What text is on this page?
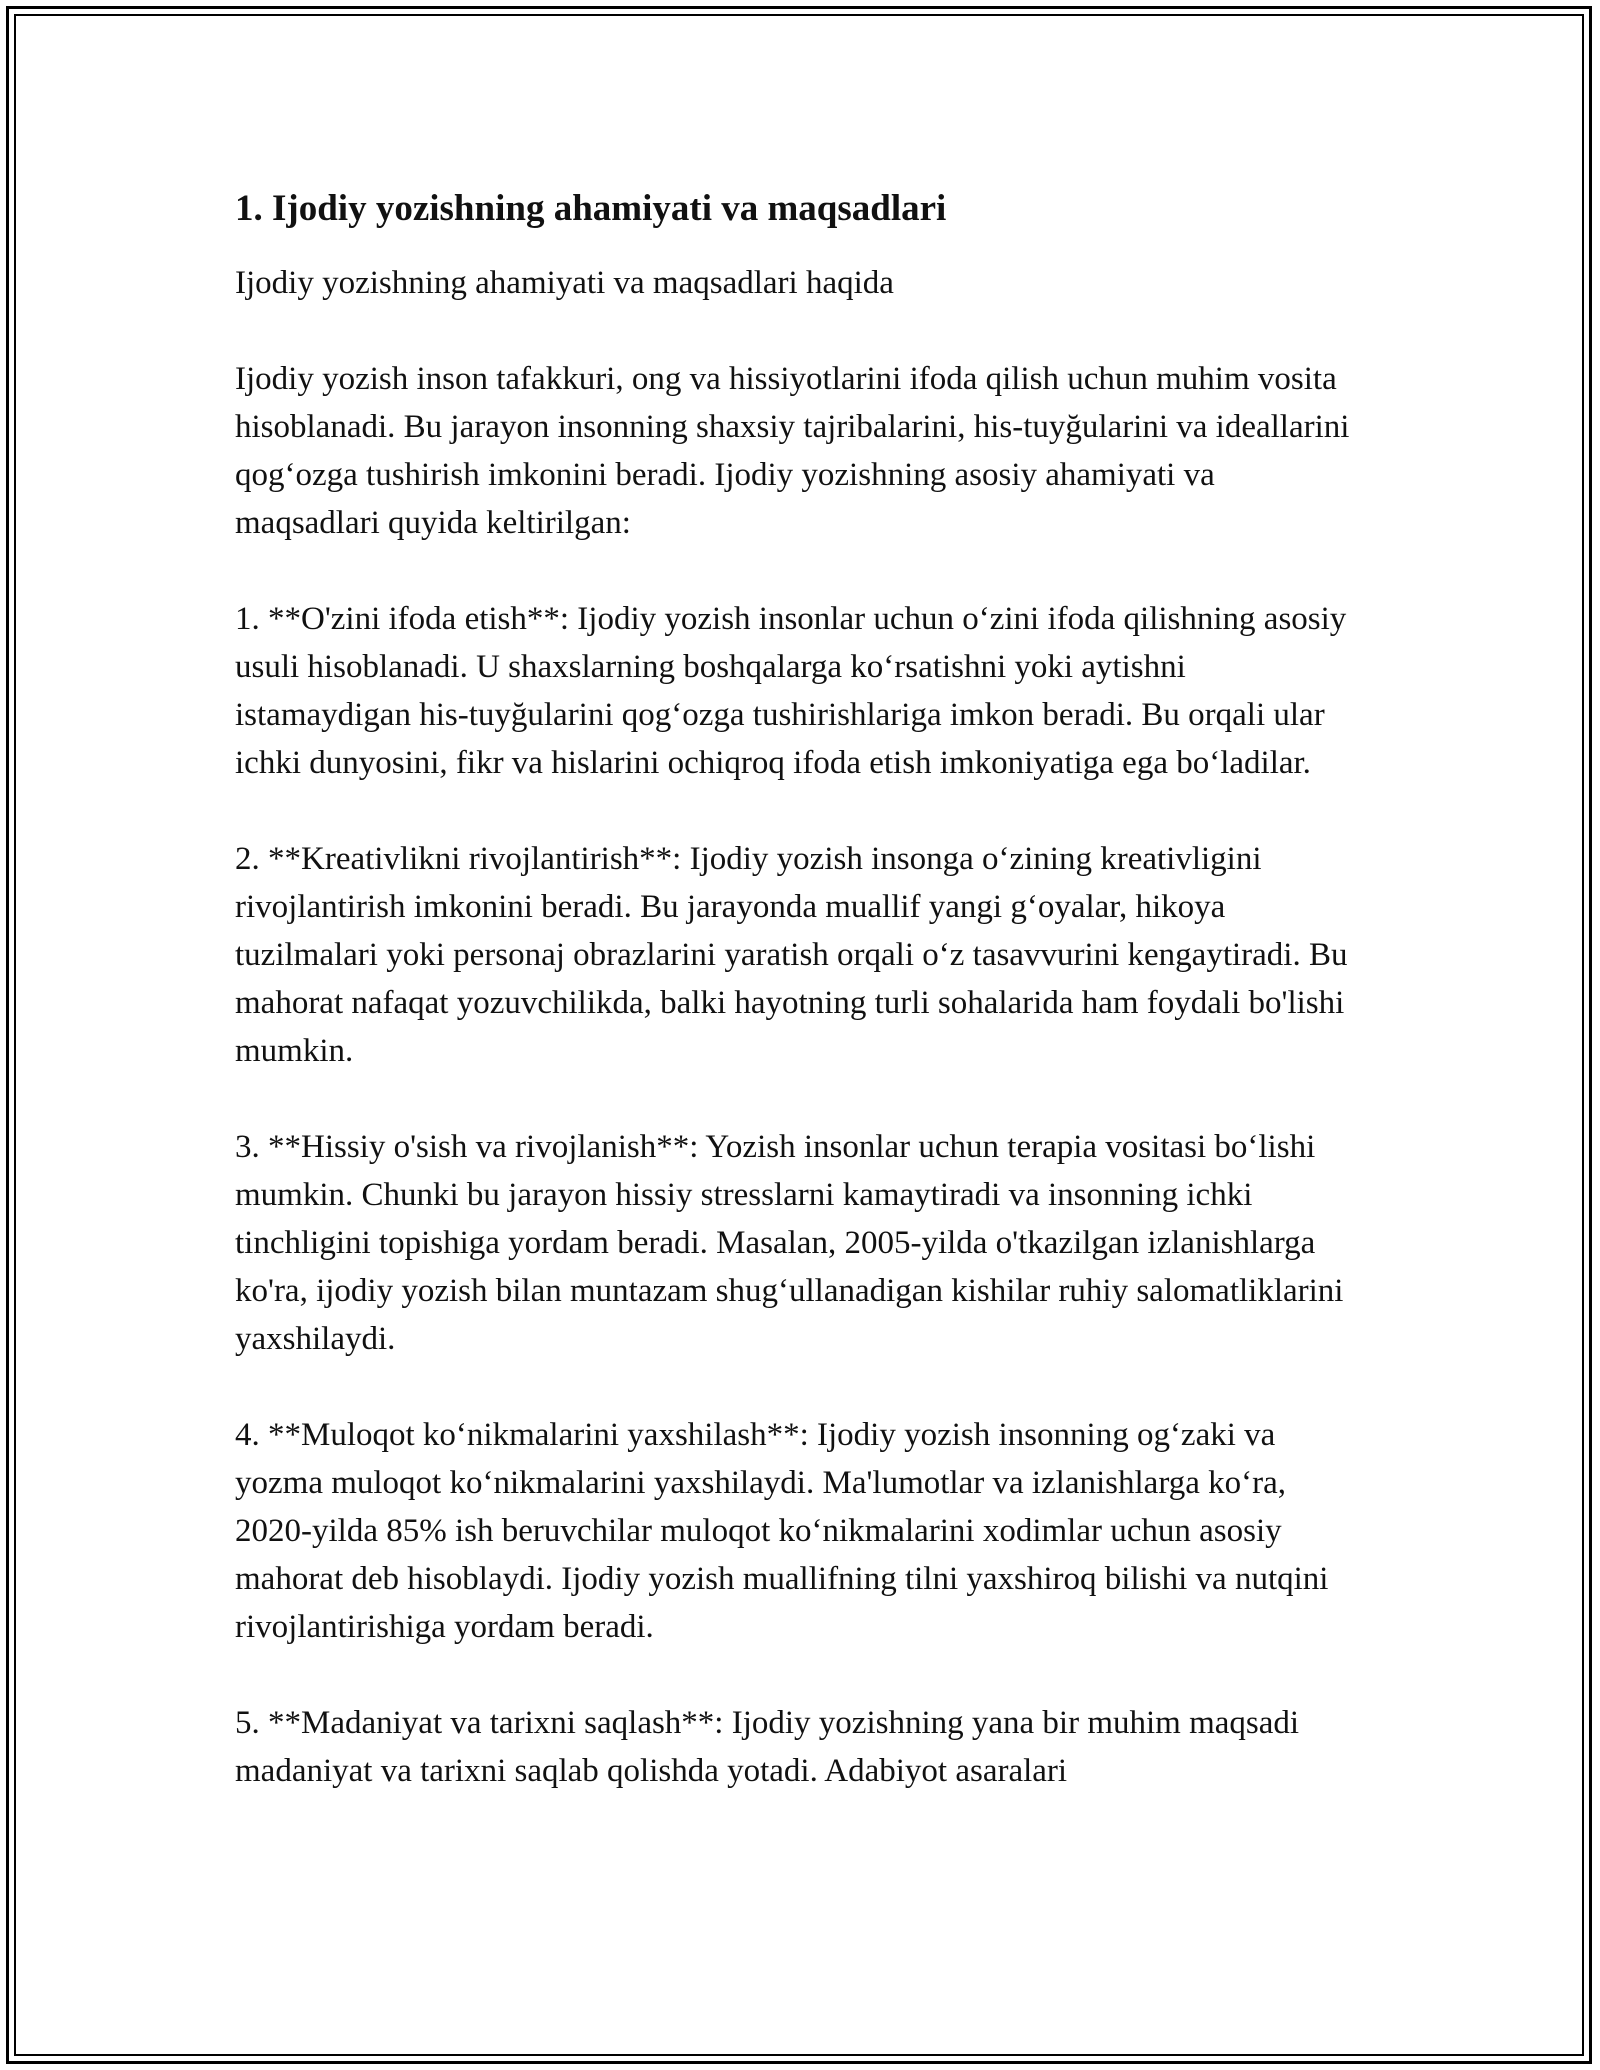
1. Ijodiy yozishning ahamiyati va maqsadlari

Ijodiy yozishning ahamiyati va maqsadlari haqida

Ijodiy yozish inson tafakkuri, ong va hissiyotlarini ifoda qilish uchun muhim vosita hisoblanadi. Bu jarayon insonning shaxsiy tajribalarini, his-tuyğularini va ideallarini qog‘ozga tushirish imkonini beradi. Ijodiy yozishning asosiy ahamiyati va maqsadlari quyida keltirilgan:

1. **O'zini ifoda etish**: Ijodiy yozish insonlar uchun o‘zini ifoda qilishning asosiy usuli hisoblanadi. U shaxslarning boshqalarga ko‘rsatishni yoki aytishni istamaydigan his-tuyğularini qog‘ozga tushirishlariga imkon beradi. Bu orqali ular ichki dunyosini, fikr va hislarini ochiqroq ifoda etish imkoniyatiga ega bo‘ladilar.

2. **Kreativlikni rivojlantirish**: Ijodiy yozish insonga o‘zining kreativligini rivojlantirish imkonini beradi. Bu jarayonda muallif yangi g‘oyalar, hikoya tuzilmalari yoki personaj obrazlarini yaratish orqali o‘z tasavvurini kengaytiradi. Bu mahorat nafaqat yozuvchilikda, balki hayotning turli sohalarida ham foydali bo'lishi mumkin.

3. **Hissiy o'sish va rivojlanish**: Yozish insonlar uchun terapia vositasi bo‘lishi mumkin. Chunki bu jarayon hissiy stresslarni kamaytiradi va insonning ichki tinchligini topishiga yordam beradi. Masalan, 2005-yilda o'tkazilgan izlanishlarga ko'ra, ijodiy yozish bilan muntazam shug‘ullanadigan kishilar ruhiy salomatliklarini yaxshilaydi.

4. **Muloqot ko‘nikmalarini yaxshilash**: Ijodiy yozish insonning og‘zaki va yozma muloqot ko‘nikmalarini yaxshilaydi. Ma'lumotlar va izlanishlarga ko‘ra, 2020-yilda 85% ish beruvchilar muloqot ko‘nikmalarini xodimlar uchun asosiy mahorat deb hisoblaydi. Ijodiy yozish muallifning tilni yaxshiroq bilishi va nutqini rivojlantirishiga yordam beradi.

5. **Madaniyat va tarixni saqlash**: Ijodiy yozishning yana bir muhim maqsadi madaniyat va tarixni saqlab qolishda yotadi. Adabiyot asaralari
